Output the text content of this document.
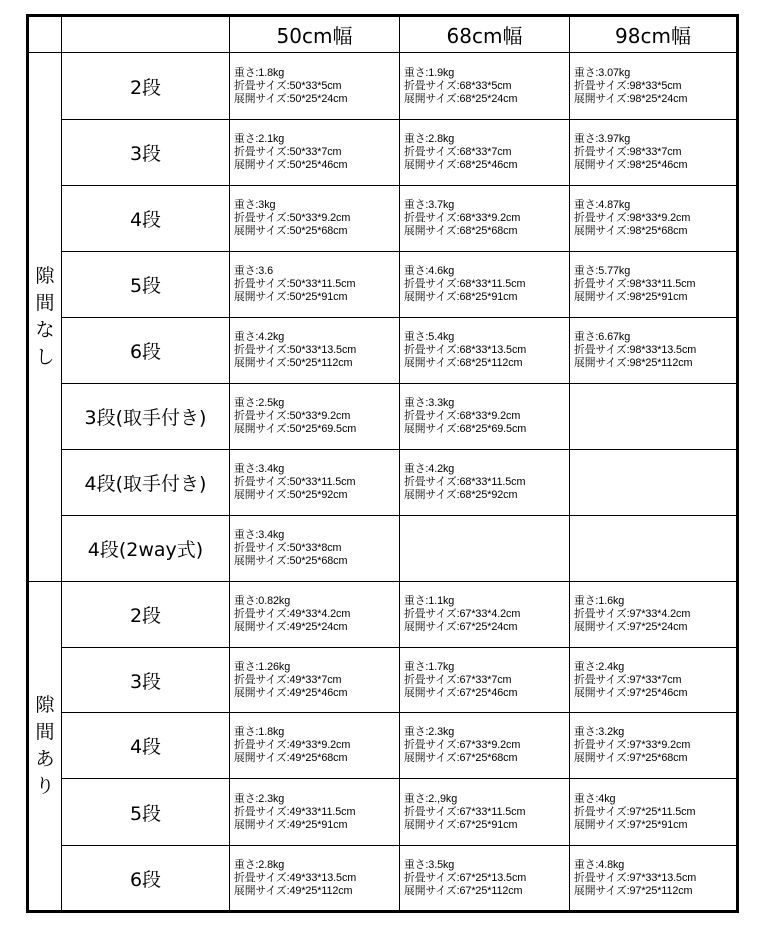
		50cm幅	68cm幅	98cm幅

隙
間
な
し	2段	重さ:1.8kg
折畳サイズ:50*33*5cm
展開サイズ:50*25*24cm	重さ:1.9kg
折畳サイズ:68*33*5cm
展開サイズ:68*25*24cm	重さ:3.07kg
折畳サイズ:98*33*5cm
展開サイズ:98*25*24cm

	3段	重さ:2.1kg
折畳サイズ:50*33*7cm
展開サイズ:50*25*46cm	重さ:2.8kg
折畳サイズ:68*33*7cm
展開サイズ:68*25*46cm	重さ:3.97kg
折畳サイズ:98*33*7cm
展開サイズ:98*25*46cm

	4段	重さ:3kg
折畳サイズ:50*33*9.2cm
展開サイズ:50*25*68cm	重さ:3.7kg
折畳サイズ:68*33*9.2cm
展開サイズ:68*25*68cm	重さ:4.87kg
折畳サイズ:98*33*9.2cm
展開サイズ:98*25*68cm

	5段	重さ:3.6
折畳サイズ:50*33*11.5cm
展開サイズ:50*25*91cm	重さ:4.6kg
折畳サイズ:68*33*11.5cm
展開サイズ:68*25*91cm	重さ:5.77kg
折畳サイズ:98*33*11.5cm
展開サイズ:98*25*91cm

	6段	重さ:4.2kg
折畳サイズ:50*33*13.5cm
展開サイズ:50*25*112cm	重さ:5.4kg
折畳サイズ:68*33*13.5cm
展開サイズ:68*25*112cm	重さ:6.67kg
折畳サイズ:98*33*13.5cm
展開サイズ:98*25*112cm

	3段(取手付き)	重さ:2.5kg
折畳サイズ:50*33*9.2cm
展開サイズ:50*25*69.5cm	重さ:3.3kg
折畳サイズ:68*33*9.2cm
展開サイズ:68*25*69.5cm	

	4段(取手付き)	重さ:3.4kg
折畳サイズ:50*33*11.5cm
展開サイズ:50*25*92cm	重さ:4.2kg
折畳サイズ:68*33*11.5cm
展開サイズ:68*25*92cm	

	4段(2way式)	重さ:3.4kg
折畳サイズ:50*33*8cm
展開サイズ:50*25*68cm		

隙
間
あ
り	2段	重さ:0.82kg
折畳サイズ:49*33*4.2cm
展開サイズ:49*25*24cm	重さ:1.1kg
折畳サイズ:67*33*4.2cm
展開サイズ:67*25*24cm	重さ:1.6kg
折畳サイズ:97*33*4.2cm
展開サイズ:97*25*24cm

	3段	重さ:1.26kg
折畳サイズ:49*33*7cm
展開サイズ:49*25*46cm	重さ:1.7kg
折畳サイズ:67*33*7cm
展開サイズ:67*25*46cm	重さ:2.4kg
折畳サイズ:97*33*7cm
展開サイズ:97*25*46cm

	4段	重さ:1.8kg
折畳サイズ:49*33*9.2cm
展開サイズ:49*25*68cm	重さ:2.3kg
折畳サイズ:67*33*9.2cm
展開サイズ:67*25*68cm	重さ:3.2kg
折畳サイズ:97*33*9.2cm
展開サイズ:97*25*68cm

	5段	重さ:2.3kg
折畳サイズ:49*33*11.5cm
展開サイズ:49*25*91cm	重さ:2.,9kg
折畳サイズ:67*33*11.5cm
展開サイズ:67*25*91cm	重さ:4kg
折畳サイズ:97*25*11.5cm
展開サイズ:97*25*91cm

	6段	重さ:2.8kg
折畳サイズ:49*33*13.5cm
展開サイズ:49*25*112cm	重さ:3.5kg
折畳サイズ:67*25*13.5cm
展開サイズ:67*25*112cm	重さ:4.8kg
折畳サイズ:97*33*13.5cm
展開サイズ:97*25*112cm
